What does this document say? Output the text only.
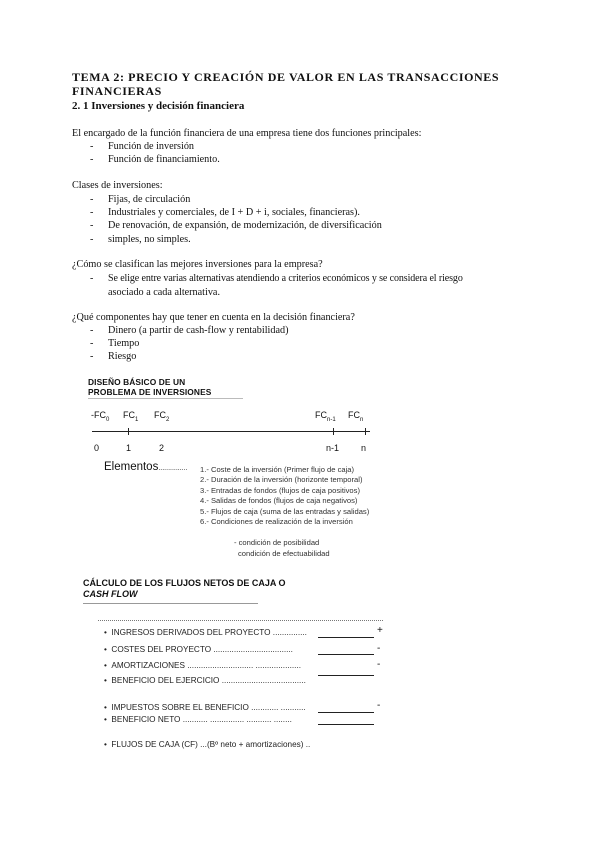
TEMA 2: PRECIO Y CREACIÓN DE VALOR EN LAS TRANSACCIONES
FINANCIERAS
2. 1 Inversiones y decisión financiera
El encargado de la función financiera de una empresa tiene dos funciones principales:
- Función de inversión
- Función de financiamiento.
Clases de inversiones:
- Fijas, de circulación
- Industriales y comerciales, de I + D + i, sociales, financieras).
- De renovación, de expansión, de modernización, de diversificación
- simples, no simples.
¿Cómo se clasifican las mejores inversiones para la empresa?
- Se elige entre varias alternativas atendiendo a criterios económicos y se considera el riesgo
asociado a cada alternativa.
¿Qué componentes hay que tener en cuenta en la decisión financiera?
- Dinero (a partir de cash-flow y rentabilidad)
- Tiempo
- Riesgo
DISEÑO BÁSICO DE UN
PROBLEMA DE INVERSIONES
$-FC_0$ $FC_1$ $FC_2$	$FC_{n-1}$ $FC_n$
0	1	2	n-1 n
Elementos............... 1.- Coste de la inversión (Primer flujo de caja)
2.- Duración de la inversión (horizonte temporal)
3.- Entradas de fondos (flujos de caja positivos)
4.- Salidas de fondos (flujos de caja negativos)
5.- Flujos de caja (suma de las entradas y salidas)
6.- Condiciones de realización de la inversión
- condición de posibilidad
condición de efectuabilidad
CÁLCULO DE LOS FLUJOS NETOS DE CAJA O
CASH FLOW
•  INGRESOS DERIVADOS DEL PROYECTO ...............	+
•  COSTES DEL PROYECTO ...................................	-
•  AMORTIZACIONES ............................. ....................	-
•  BENEFICIO DEL EJERCICIO .....................................
•  IMPUESTOS SOBRE EL BENEFICIO ............ ...........	-
•  BENEFICIO NETO ........... ............... ........... ........
•  FLUJOS DE CAJA (CF) ...(Bº neto + amortizaciones) ..
